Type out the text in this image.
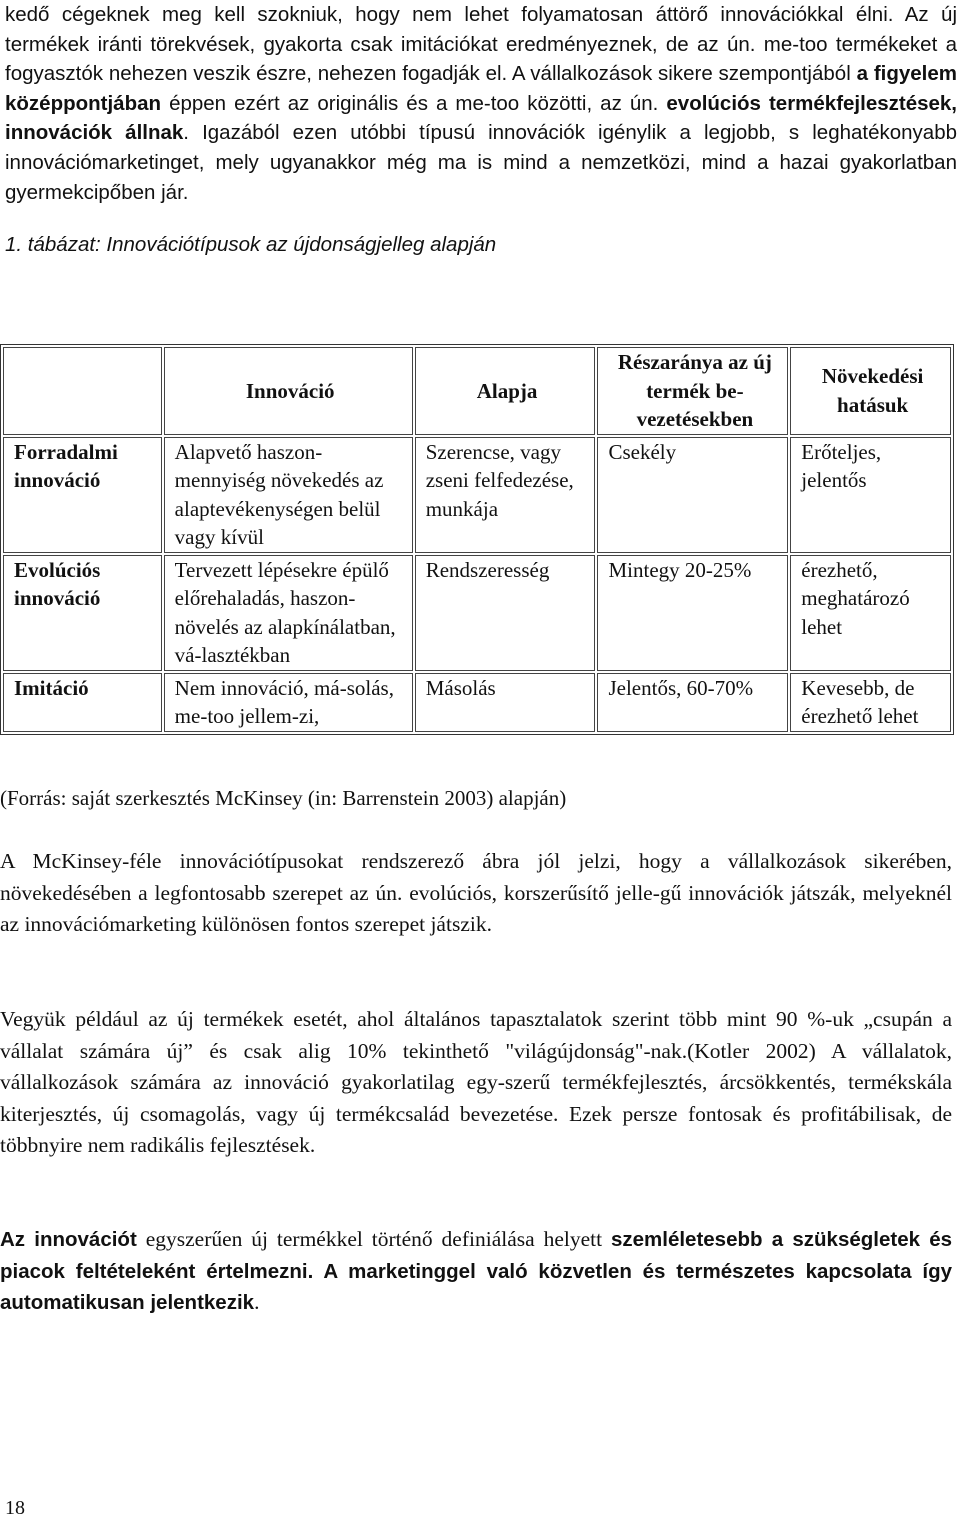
kedő cégeknek meg kell szokniuk, hogy nem lehet folyamatosan áttörő innovációkkal élni. Az új termékek iránti törekvések, gyakorta csak imitációkat eredményeznek, de az ún. me-too termékeket a fogyasztók nehezen veszik észre, nehezen fogadják el. A vállalkozások sikere szempontjából a figyelem középpontjában éppen ezért az originális és a me-too közötti, az ún. evolúciós termékfejlesztések, innovációk állnak. Igazából ezen utóbbi típusú innovációk igénylik a legjobb, s leghatékonyabb innovációmarketinget, mely ugyanakkor még ma is mind a nemzetközi, mind a hazai gyakorlatban gyermekcipőben jár.

1. tábázat: Innovációtípusok az újdonságjelleg alapján

	Innováció	Alapja	Részaránya az új termék be-vezetésekben	Növekedési hatásuk
Forradalmi innováció	Alapvető haszon-mennyiség növekedés az alaptevékenységen belül vagy kívül	Szerencse, vagy zseni felfedezése, munkája	Csekély	Erőteljes, jelentős
Evolúciós innováció	Tervezett lépésekre épülő előrehaladás, haszon-növelés az alapkínálatban, vá-lasztékban	Rendszeresség	Mintegy 20-25%	érezhető, meghatározó lehet
Imitáció	Nem innováció, má-solás, me-too jellem-zi,	Másolás	Jelentős, 60-70%	Kevesebb, de érezhető lehet
(Forrás: saját szerkesztés McKinsey (in: Barrenstein 2003) alapján)

A McKinsey-féle innovációtípusokat rendszerező ábra jól jelzi, hogy a vállalkozások sikerében, növekedésében a legfontosabb szerepet az ún. evolúciós, korszerűsítő jelle-gű innovációk játszák, melyeknél az innovációmarketing különösen fontos szerepet játszik.

Vegyük például az új termékek esetét, ahol általános tapasztalatok szerint több mint 90 %-uk „csupán a vállalat számára új” és csak alig 10% tekinthető "világújdonság"-nak.(Kotler 2002) A vállalatok, vállalkozások számára az innováció gyakorlatilag egy-szerű termékfejlesztés, árcsökkentés, termékskála kiterjesztés, új csomagolás, vagy új termékcsalád bevezetése. Ezek persze fontosak és profitábilisak, de többnyire nem radikális fejlesztések.

Az innovációt egyszerűen új termékkel történő definiálása helyett szemléletesebb a szükségletek és piacok feltételeként értelmezni. A marketinggel való közvetlen és természetes kapcsolata így automatikusan jelentkezik.

18
